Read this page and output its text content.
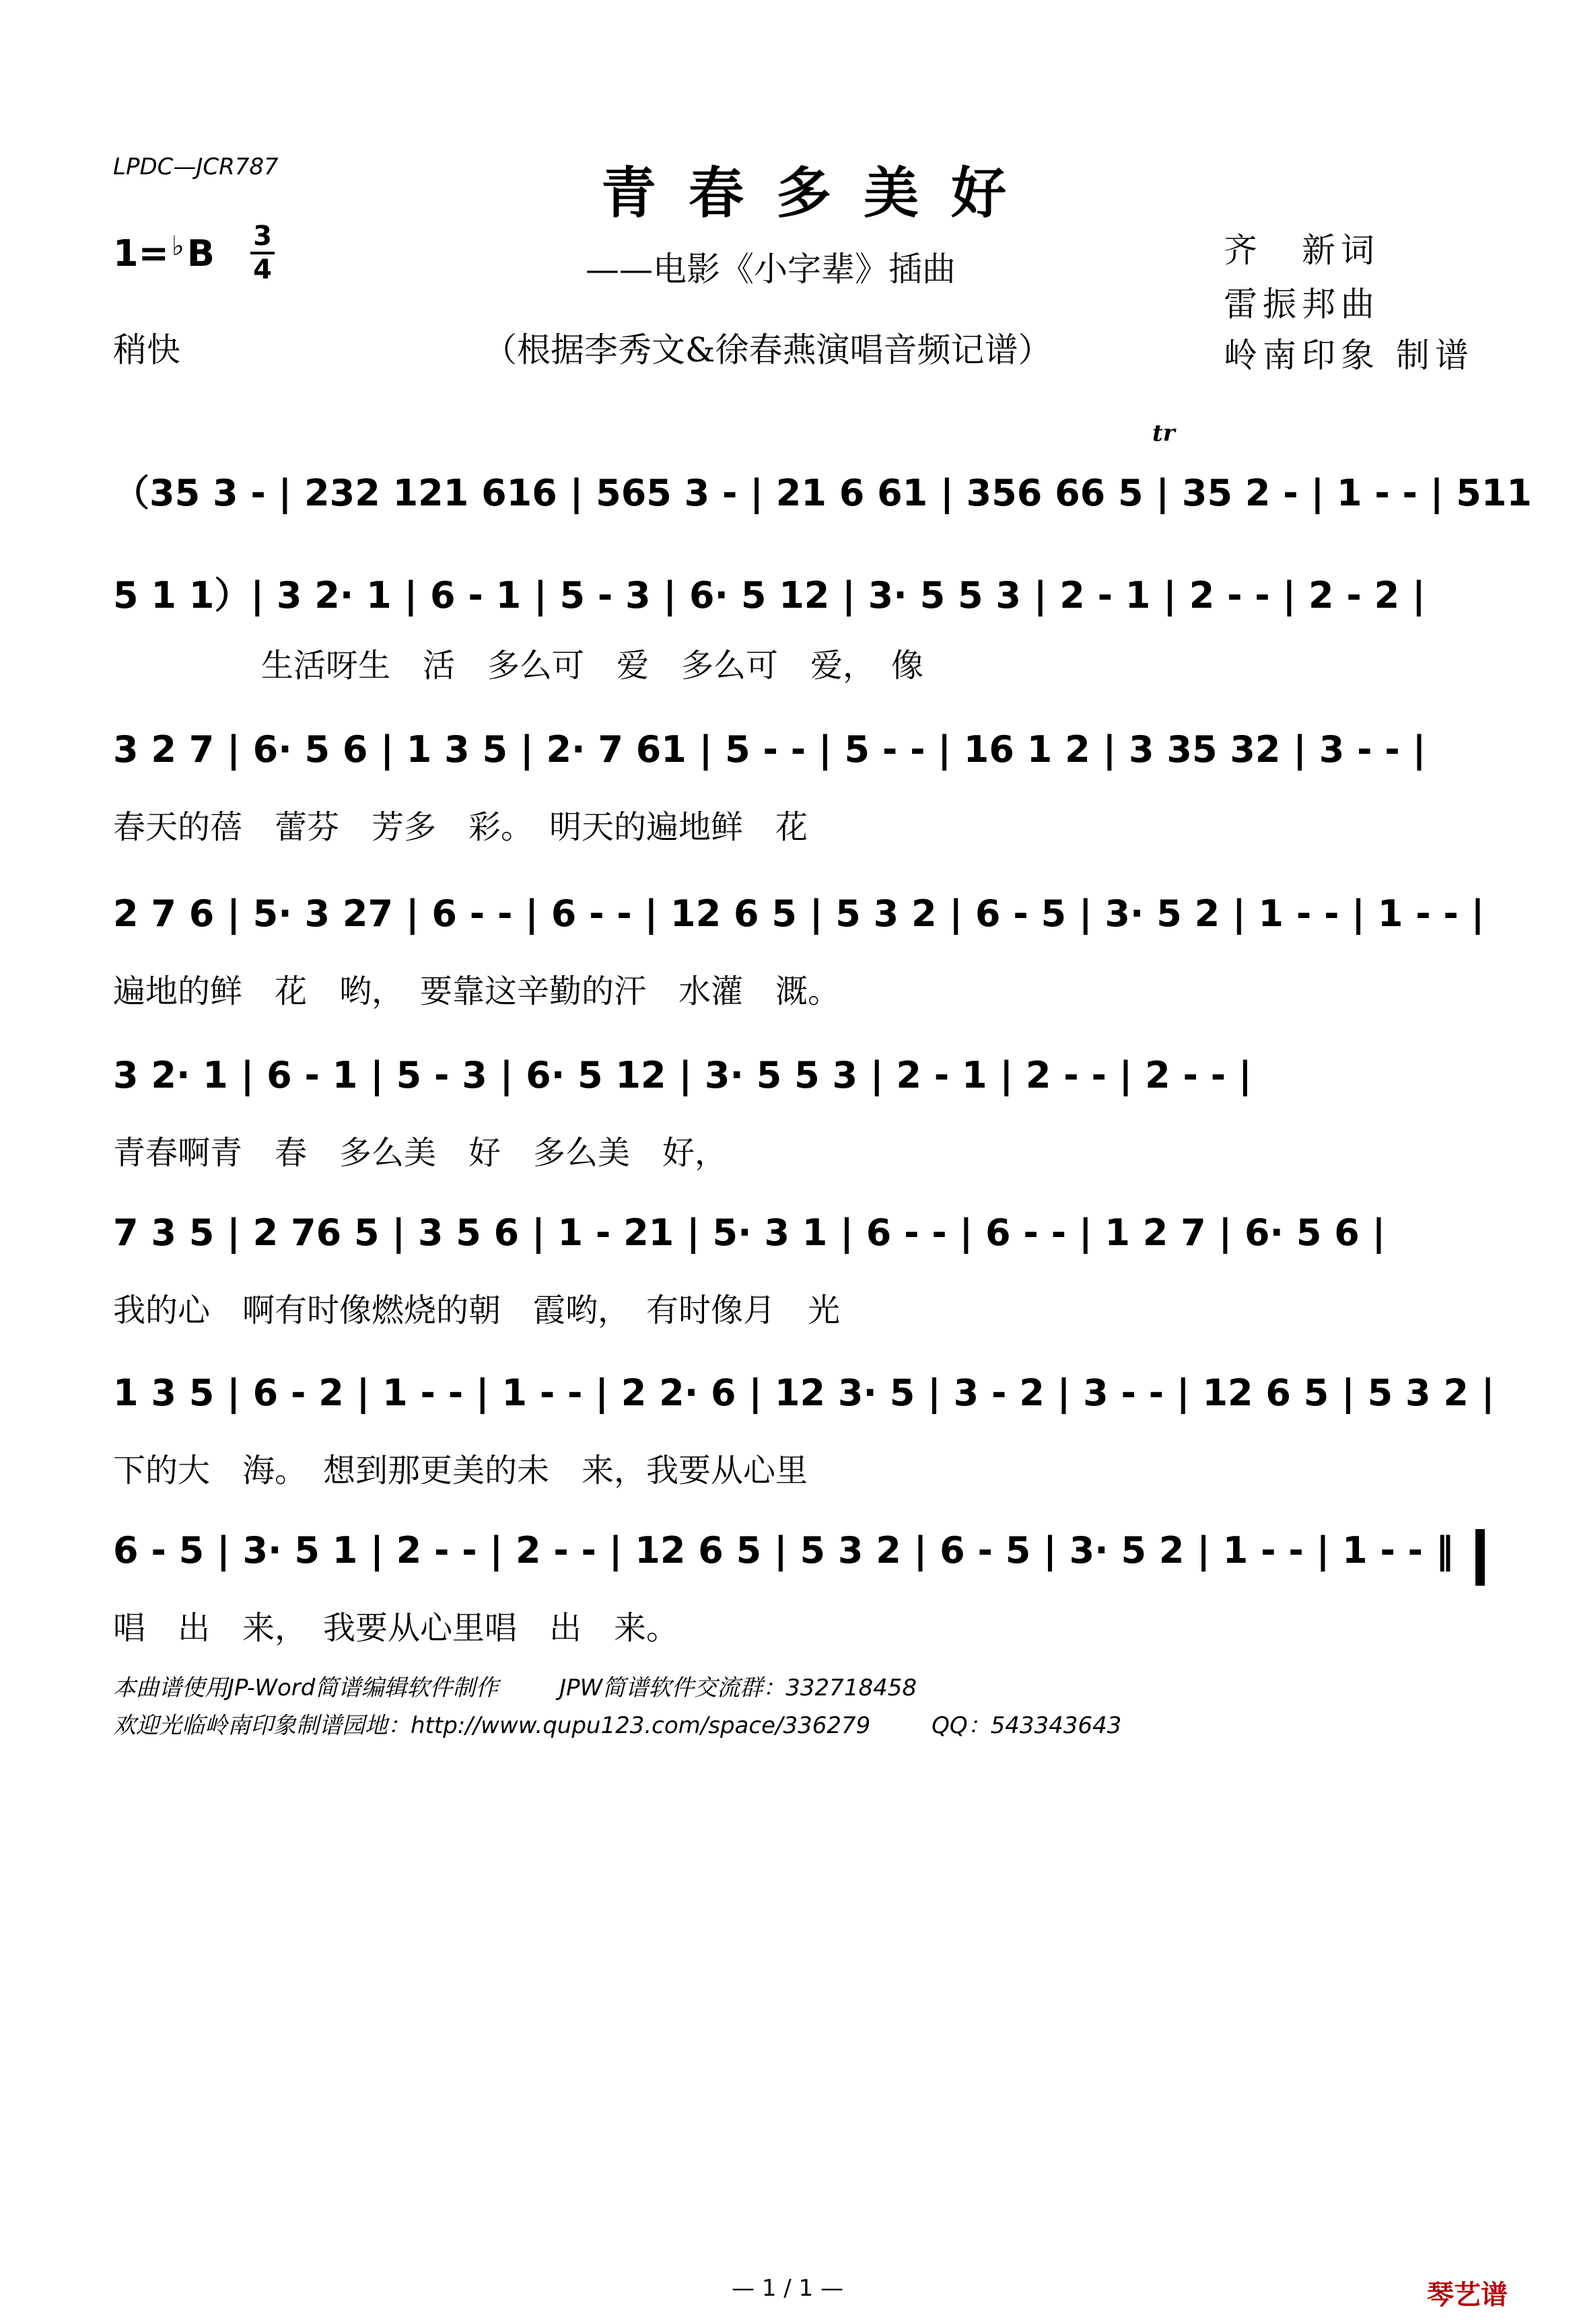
LPDC—JCR787	青春多美好
——电影《小字辈》插曲
1= ♭B 3
4
稍快	（根据李秀文&徐春燕演唱音频记谱）
齐　新词
雷振邦曲
岭南印象 制谱
tr
（35 3 - | 232 121 616 | 565 3 - | 21 6 61 | 356 66 5 | 35 2 - | 1 - - | 511
5 1 1）| 3 2· 1 | 6 - 1 | 5 - 3 | 6· 5 12 | 3· 5 5 3 | 2 - 1 | 2 - - | 2 - 2 |
生活呀生　活　多么可　爱　多么可　爱，　像
3 2 7 | 6· 5 6 | 1 3 5 | 2· 7 61 | 5 - - | 5 - - | 16 1 2 | 3 35 32 | 3 - - |
春天的蓓　蕾芬　芳多　彩。　明天的遍地鲜　花
2 7 6 | 5· 3 27 | 6 - - | 6 - - | 12 6 5 | 5 3 2 | 6 - 5 | 3· 5 2 | 1 - - | 1 - - |
遍地的鲜　花　哟，　要靠这辛勤的汗　水灌　溉。
3 2· 1 | 6 - 1 | 5 - 3 | 6· 5 12 | 3· 5 5 3 | 2 - 1 | 2 - - | 2 - - |
青春啊青　春　多么美　好　多么美　好，
7 3 5 | 2 76 5 | 3 5 6 | 1 - 21 | 5· 3 1 | 6 - - | 6 - - | 1 2 7 | 6· 5 6 |
我的心　啊有时像燃烧的朝　霞哟，　有时像月　光
1 3 5 | 6 - 2 | 1 - - | 1 - - | 2 2· 6 | 12 3· 5 | 3 - 2 | 3 - - | 12 6 5 | 5 3 2 |
下的大　海。　想到那更美的未　来，我要从心里
6 - 5 | 3· 5 1 | 2 - - | 2 - - | 12 6 5 | 5 3 2 | 6 - 5 | 3· 5 2 | 1 - - | 1 - - ‖
唱　出　来，　我要从心里唱　出　来。
本曲谱使用JP-Word简谱编辑软件制作	JPW简谱软件交流群：332718458
欢迎光临岭南印象制谱园地：http://www.qupu123.com/space/336279	QQ：543343643
— 1 / 1 —	琴艺谱
